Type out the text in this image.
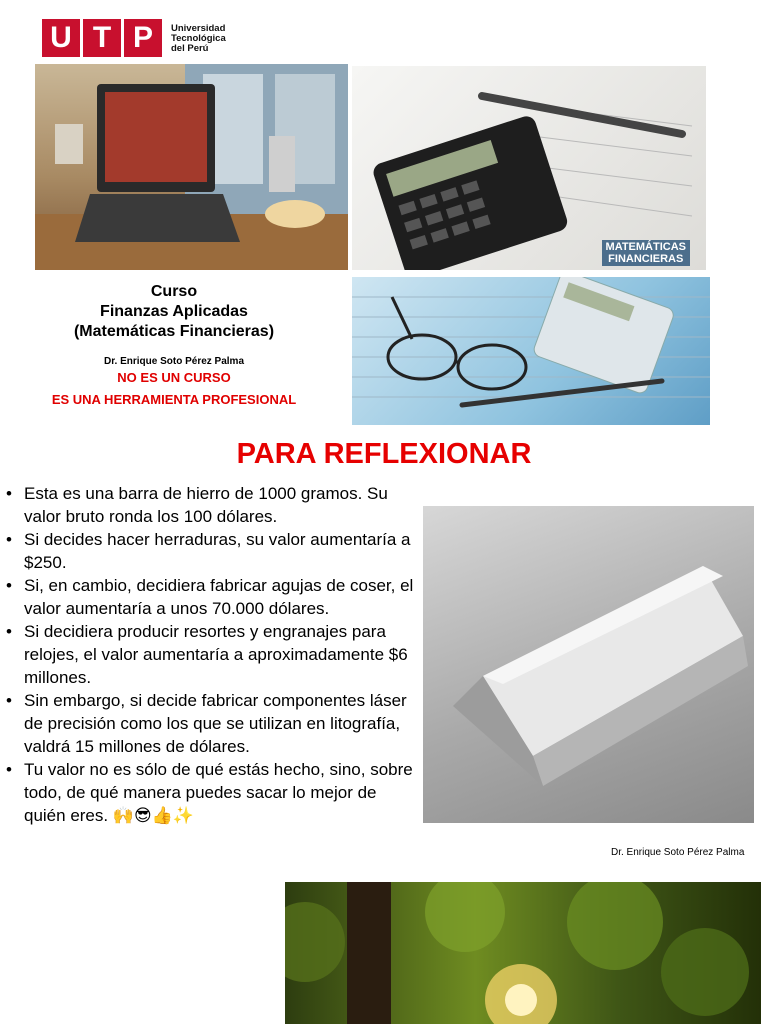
U T P	Universidad
Tecnológica
del Perú
MATEMÁTICAS
FINANCIERAS
Curso
Finanzas Aplicadas
(Matemáticas Financieras)
Dr. Enrique Soto Pérez Palma
NO ES UN CURSO
ES UNA HERRAMIENTA PROFESIONAL
PARA REFLEXIONAR
• Esta es una barra de hierro de 1000 gramos. Su valor bruto ronda los 100 dólares.
• Si decides hacer herraduras, su valor aumentaría a $250.
• Si, en cambio, decidiera fabricar agujas de coser, el valor aumentaría a unos 70.000 dólares.
• Si decidiera producir resortes y engranajes para relojes, el valor aumentaría a aproximadamente $6 millones.
• Sin embargo, si decide fabricar componentes láser de precisión como los que se utilizan en litografía, valdrá 15 millones de dólares.
• Tu valor no es sólo de qué estás hecho, sino, sobre todo, de qué manera puedes sacar lo mejor de quién eres. 🙌😎👍✨
Dr. Enrique Soto Pérez Palma
